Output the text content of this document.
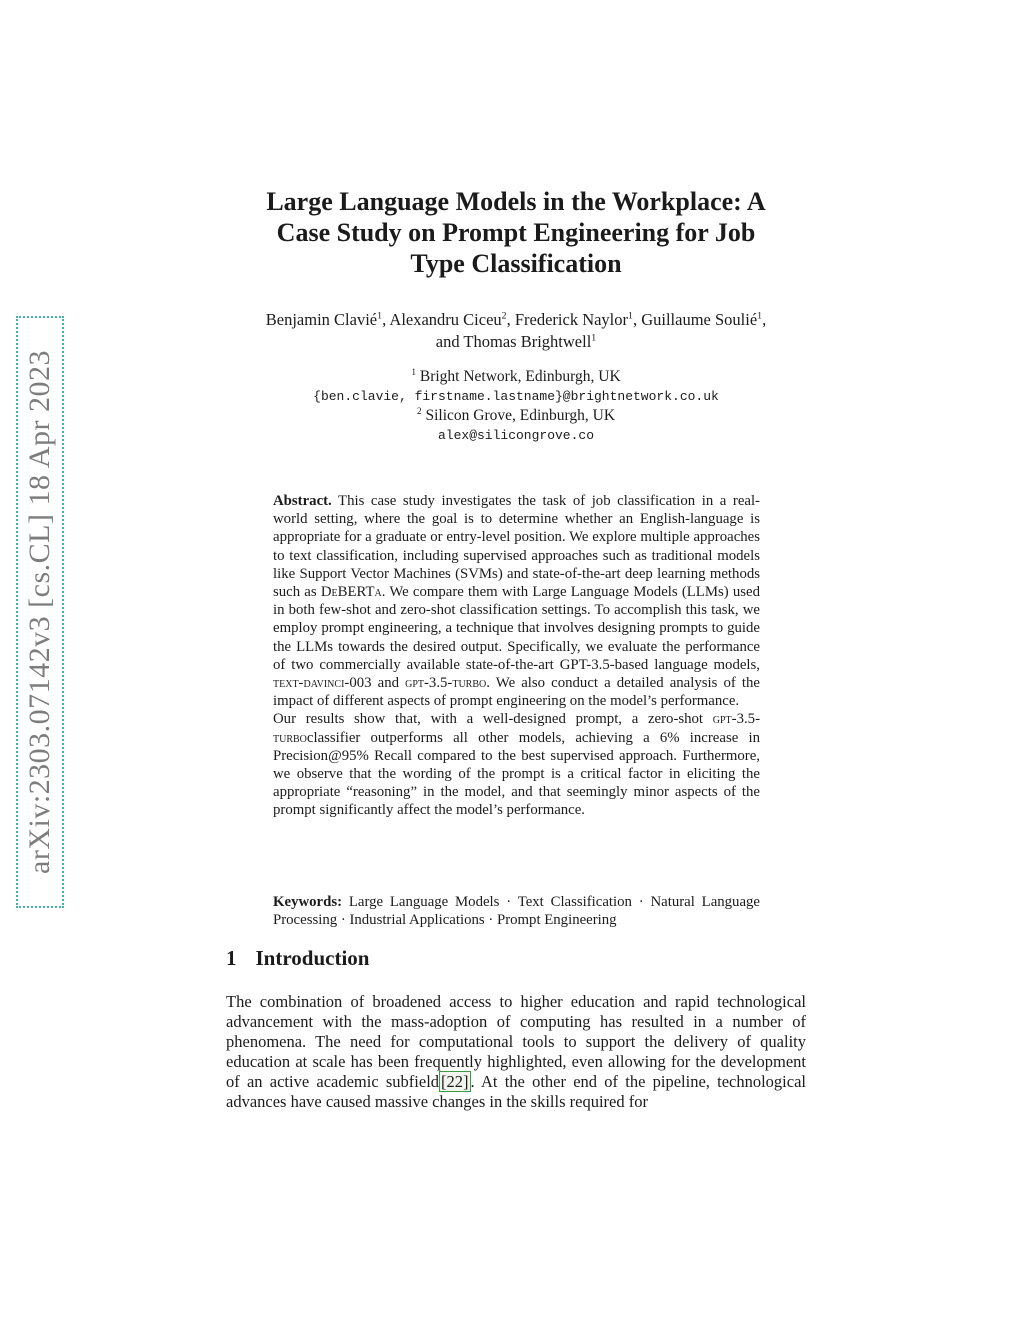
arXiv:2303.07142v3 [cs.CL] 18 Apr 2023
Large Language Models in the Workplace: A
Case Study on Prompt Engineering for Job
Type Classification
Benjamin Clavié$^1$, Alexandru Ciceu$^2$, Frederick Naylor$^1$, Guillaume Soulié$^1$,
and Thomas Brightwell$^1$
$^1$ Bright Network, Edinburgh, UK
{ben.clavie, firstname.lastname}@brightnetwork.co.uk
$^2$ Silicon Grove, Edinburgh, UK
alex@silicongrove.co

Abstract. This case study investigates the task of job classification in a real-world setting, where the goal is to determine whether an English-language is appropriate for a graduate or entry-level position. We explore multiple approaches to text classification, including supervised approaches such as traditional models like Support Vector Machines (SVMs) and state-of-the-art deep learning methods such as DeBERTa. We compare them with Large Language Models (LLMs) used in both few-shot and zero-shot classification settings. To accomplish this task, we employ prompt engineering, a technique that involves designing prompts to guide the LLMs towards the desired output. Specifically, we evaluate the performance of two commercially available state-of-the-art GPT-3.5-based language models, text-davinci-003 and gpt-3.5-turbo. We also conduct a detailed analysis of the impact of different aspects of prompt engineering on the model’s performance.

Our results show that, with a well-designed prompt, a zero-shot gpt-3.5-turboclassifier outperforms all other models, achieving a 6% increase in Precision@95% Recall compared to the best supervised approach. Furthermore, we observe that the wording of the prompt is a critical factor in eliciting the appropriate “reasoning” in the model, and that seemingly minor aspects of the prompt significantly affect the model’s performance.

Keywords: Large Language Models · Text Classification · Natural Language Processing · Industrial Applications · Prompt Engineering

1 Introduction

The combination of broadened access to higher education and rapid technological advancement with the mass-adoption of computing has resulted in a number of phenomena. The need for computational tools to support the delivery of quality education at scale has been frequently highlighted, even allowing for the development of an active academic subfield [22] . At the other end of the pipeline, technological advances have caused massive changes in the skills required for
